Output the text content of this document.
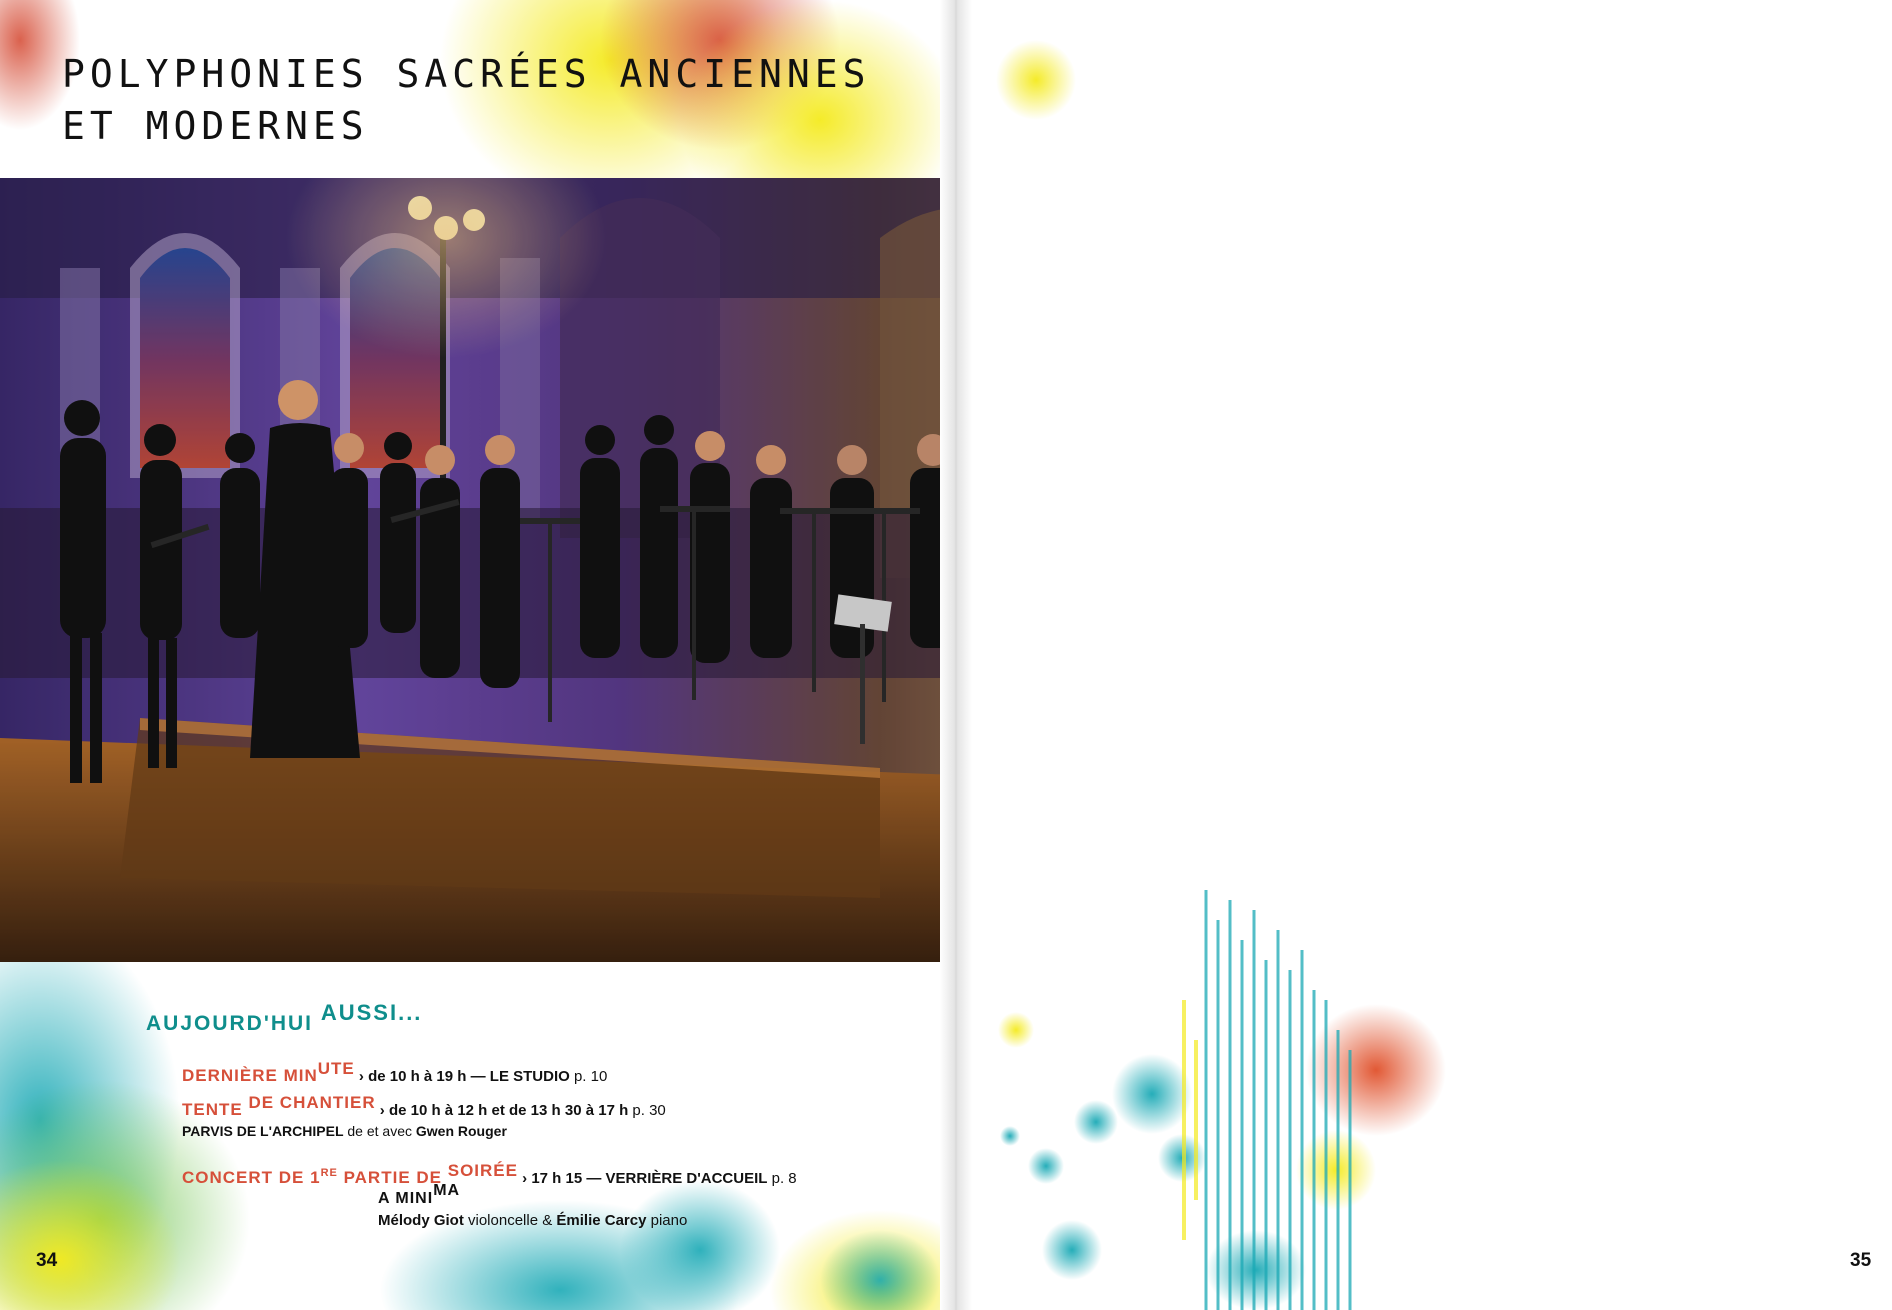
POLYPHONIES SACRÉES ANCIENNES
ET MODERNES
AUJOURD'HUI AUSSI...
DERNIÈRE MINUTE › de 10 h à 19 h — LE STUDIO p. 10
TENTE DE CHANTIER › de 10 h à 12 h et de 13 h 30 à 17 h p. 30
PARVIS DE L'ARCHIPEL de et avec Gwen Rouger
CONCERT DE 1RE PARTIE DE SOIRÉE › 17 h 15 — VERRIÈRE D'ACCUEIL p. 8
A MINIMA
Mélody Giot violoncelle & Émilie Carcy piano
34	35
